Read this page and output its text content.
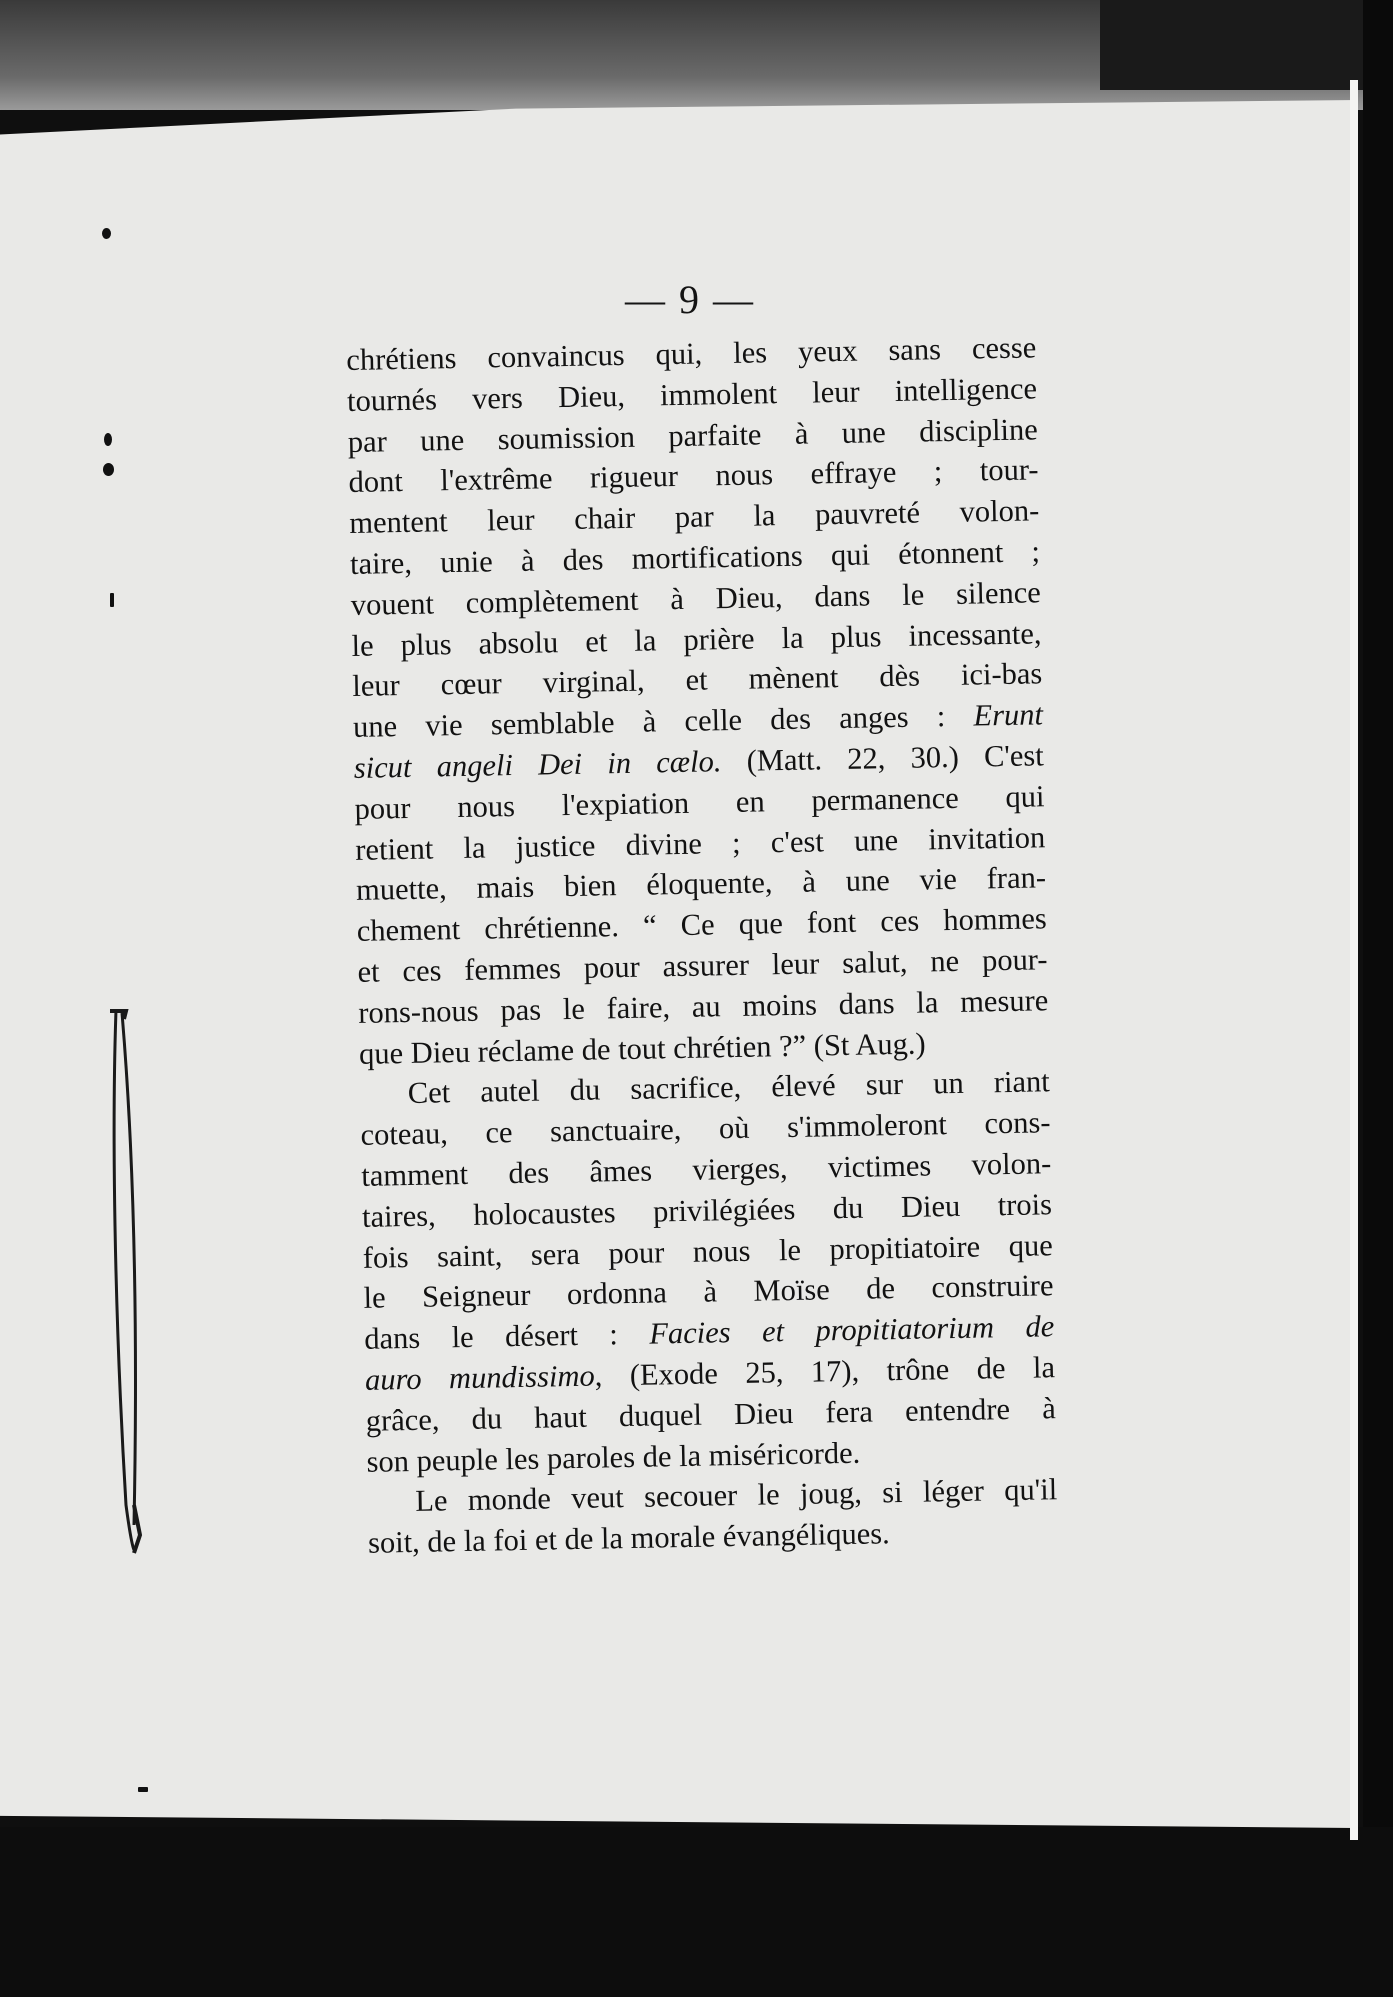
— 9 —
chrétiens convaincus qui, les yeux sans cesse
tournés vers Dieu, immolent leur intelligence
par une soumission parfaite à une discipline
dont l'extrême rigueur nous effraye ; tour-
mentent leur chair par la pauvreté volon-
taire, unie à des mortifications qui étonnent ;
vouent complètement à Dieu, dans le silence
le plus absolu et la prière la plus incessante,
leur cœur virginal, et mènent dès ici-bas
une vie semblable à celle des anges : Erunt
sicut angeli Dei in cælo. (Matt. 22, 30.) C'est
pour nous l'expiation en permanence qui
retient la justice divine ; c'est une invitation
muette, mais bien éloquente, à une vie fran-
chement chrétienne. “ Ce que font ces hommes
et ces femmes pour assurer leur salut, ne pour-
rons-nous pas le faire, au moins dans la mesure
que Dieu réclame de tout chrétien ?” (St Aug.)
Cet autel du sacrifice, élevé sur un riant
coteau, ce sanctuaire, où s'immoleront cons-
tamment des âmes vierges, victimes volon-
taires, holocaustes privilégiées du Dieu trois
fois saint, sera pour nous le propitiatoire que
le Seigneur ordonna à Moïse de construire
dans le désert : Facies et propitiatorium de
auro mundissimo, (Exode 25, 17), trône de la
grâce, du haut duquel Dieu fera entendre à
son peuple les paroles de la miséricorde.
Le monde veut secouer le joug, si léger qu'il
soit, de la foi et de la morale évangéliques.
